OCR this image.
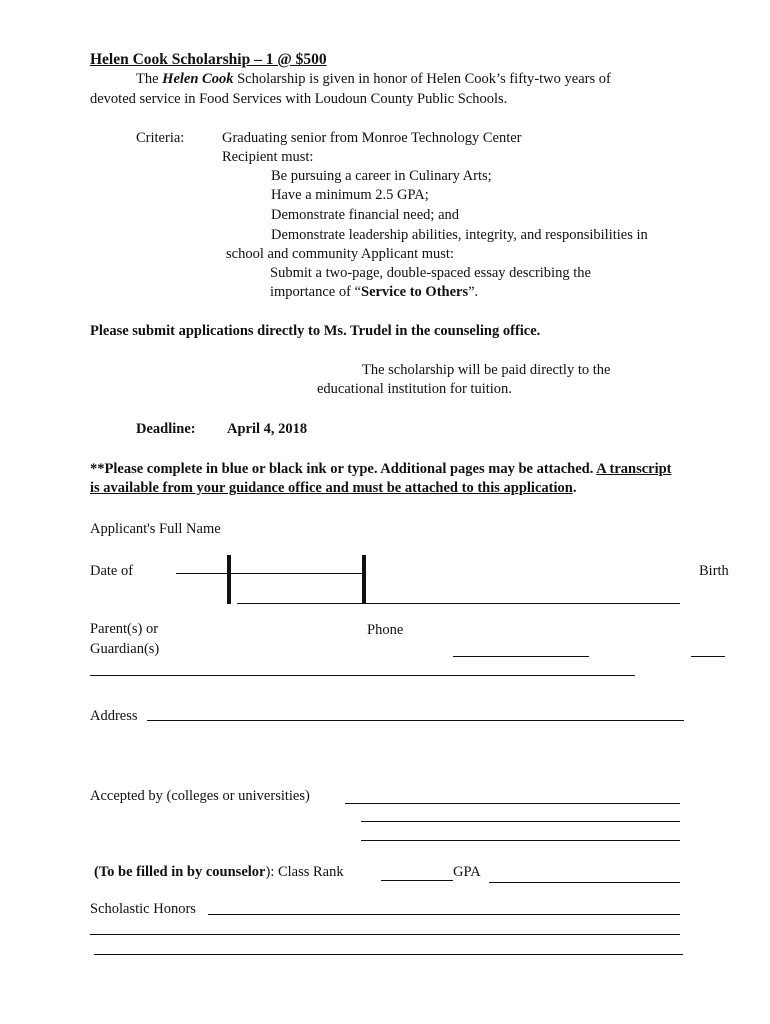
Helen Cook Scholarship – 1 @ $500
The Helen Cook Scholarship is given in honor of Helen Cook’s fifty-two years of
devoted service in Food Services with Loudoun County Public Schools.
Criteria:	Graduating senior from Monroe Technology Center
Recipient must:
Be pursuing a career in Culinary Arts;
Have a minimum 2.5 GPA;
Demonstrate financial need; and
Demonstrate leadership abilities, integrity, and responsibilities in
school and community Applicant must:
Submit a two-page, double-spaced essay describing the
importance of “Service to Others”.
Please submit applications directly to Ms. Trudel in the counseling office.
The scholarship will be paid directly to the
educational institution for tuition.
Deadline: April 4, 2018
**Please complete in blue or black ink or type. Additional pages may be attached. A transcript
is available from your guidance office and must be attached to this application.
Applicant's Full Name
Date of	Birth
Parent(s) or
Guardian(s)
Phone
Address
Accepted by (colleges or universities)
(To be filled in by counselor): Class Rank	GPA
Scholastic Honors
